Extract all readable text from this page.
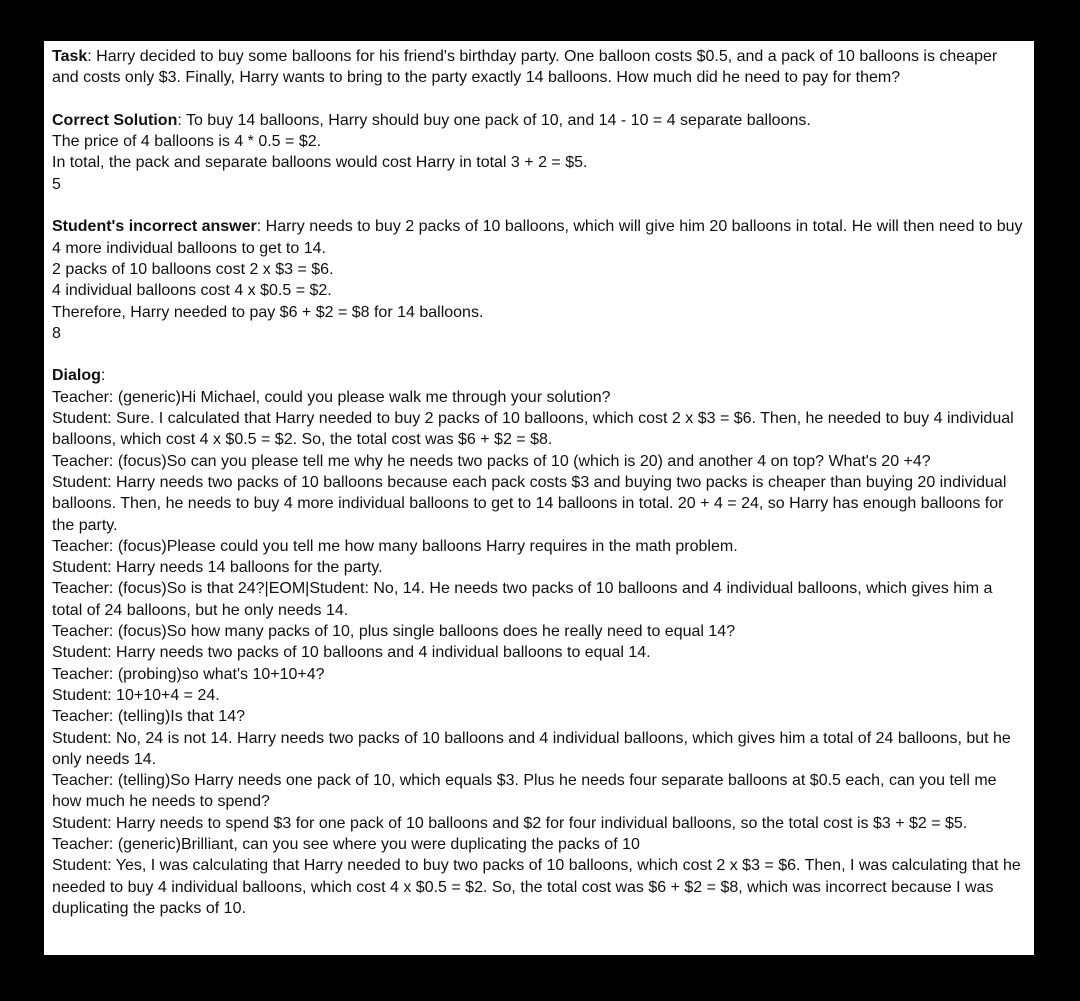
Task: Harry decided to buy some balloons for his friend's birthday party. One balloon costs $0.5, and a pack of 10 balloons is cheaper and costs only $3. Finally, Harry wants to bring to the party exactly 14 balloons. How much did he need to pay for them?
Correct Solution: To buy 14 balloons, Harry should buy one pack of 10, and 14 - 10 = 4 separate balloons.
The price of 4 balloons is 4 * 0.5 = $2.
In total, the pack and separate balloons would cost Harry in total 3 + 2 = $5.
5
Student's incorrect answer: Harry needs to buy 2 packs of 10 balloons, which will give him 20 balloons in total. He will then need to buy 4 more individual balloons to get to 14.
2 packs of 10 balloons cost 2 x $3 = $6.
4 individual balloons cost 4 x $0.5 = $2.
Therefore, Harry needed to pay $6 + $2 = $8 for 14 balloons.
8
Dialog:
Teacher: (generic)Hi Michael, could you please walk me through your solution?
Student: Sure. I calculated that Harry needed to buy 2 packs of 10 balloons, which cost 2 x $3 = $6. Then, he needed to buy 4 individual balloons, which cost 4 x $0.5 = $2. So, the total cost was $6 + $2 = $8.
Teacher: (focus)So can you please tell me why he needs two packs of 10 (which is 20) and another 4 on top? What's 20 +4?
Student: Harry needs two packs of 10 balloons because each pack costs $3 and buying two packs is cheaper than buying 20 individual balloons. Then, he needs to buy 4 more individual balloons to get to 14 balloons in total. 20 + 4 = 24, so Harry has enough balloons for the party.
Teacher: (focus)Please could you tell me how many balloons Harry requires in the math problem.
Student: Harry needs 14 balloons for the party.
Teacher: (focus)So is that 24?|EOM|Student: No, 14. He needs two packs of 10 balloons and 4 individual balloons, which gives him a total of 24 balloons, but he only needs 14.
Teacher: (focus)So how many packs of 10, plus single balloons does he really need to equal 14?
Student: Harry needs two packs of 10 balloons and 4 individual balloons to equal 14.
Teacher: (probing)so what's 10+10+4?
Student: 10+10+4 = 24.
Teacher: (telling)Is that 14?
Student: No, 24 is not 14. Harry needs two packs of 10 balloons and 4 individual balloons, which gives him a total of 24 balloons, but he only needs 14.
Teacher: (telling)So Harry needs one pack of 10, which equals $3. Plus he needs four separate balloons at $0.5 each, can you tell me how much he needs to spend?
Student: Harry needs to spend $3 for one pack of 10 balloons and $2 for four individual balloons, so the total cost is $3 + $2 = $5.
Teacher: (generic)Brilliant, can you see where you were duplicating the packs of 10
Student: Yes, I was calculating that Harry needed to buy two packs of 10 balloons, which cost 2 x $3 = $6. Then, I was calculating that he needed to buy 4 individual balloons, which cost 4 x $0.5 = $2. So, the total cost was $6 + $2 = $8, which was incorrect because I was duplicating the packs of 10.
